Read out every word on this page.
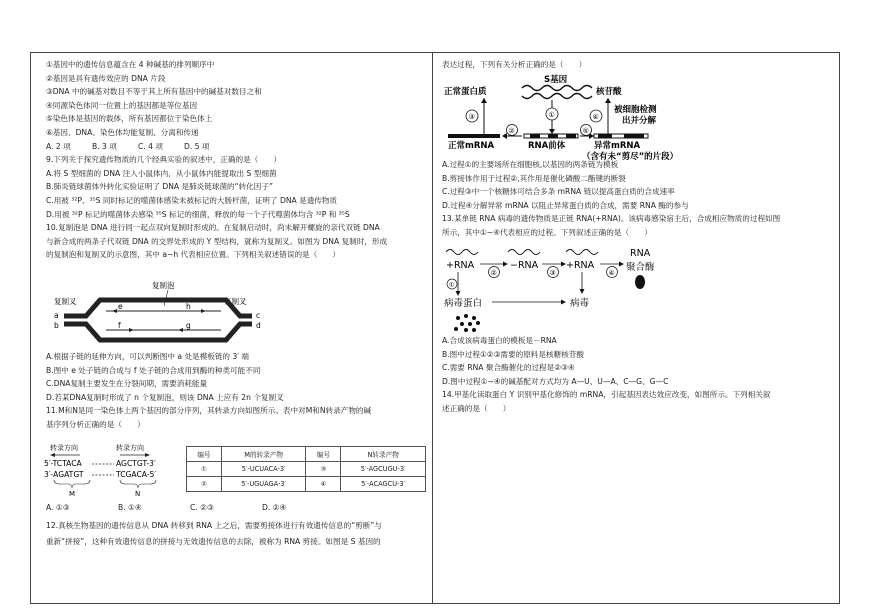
①基因中的遗传信息蕴含在 4 种碱基的排列顺序中
②基因是具有遗传效应的 DNA 片段
③DNA 中的碱基对数目不等于其上所有基因中的碱基对数目之和
④同源染色体同一位置上的基因都是等位基因
⑤染色体是基因的载体，所有基因都位于染色体上
⑥基因、DNA、染色体均能复制、分离和传递
A. 2 项	B. 3 项	C. 4 项	D. 5 项
9.下列关于探究遗传物质的几个经典实验的叙述中，正确的是（　　）
A.将 S 型细菌的 DNA 注入小鼠体内，从小鼠体内能提取出 S 型细菌
B.肺炎链球菌体外转化实验证明了 DNA 是肺炎链球菌的“转化因子”
C.用被 ³²P、³⁵S 同时标记的噬菌体感染未被标记的大肠杆菌，证明了 DNA 是遗传物质
D.用被 ³²P 标记的噬菌体去感染 ³⁵S 标记的细菌，释放的每一个子代噬菌体均含 ³²P 和 ³⁵S
10.复制泡是 DNA 进行同一起点双向复制时形成的。在复制启动时，尚未解开螺旋的亲代双链 DNA
与新合成的两条子代双链 DNA 的交界处形成的 Y 型结构，就称为复制叉。如图为 DNA 复制时，形成
的复制泡和复制叉的示意图，其中 a~h 代表相应位置。下列相关叙述错误的是（　　）
复制泡
复制叉	复制叉
a
b
c
d
e
f	g
h
A.根据子链的延伸方向，可以判断图中 a 处是模板链的 3′ 端
B.图中 e 处子链的合成与 f 处子链的合成用到酶的种类可能不同
C.DNA复制主要发生在分裂间期，需要消耗能量
D.若某DNA复制时形成了 n 个复制泡，则该 DNA 上应有 2n 个复制叉
11.M和N是同一染色体上两个基因的部分序列，其转录方向如图所示。表中对M和N转录产物的碱
基序列分析正确的是（　　）
转录方向	转录方向
5′-TCTACA
3′-AGATGT
AGCTGT-3′
TCGACA-5′
M	N
编号	M的转录产物	编号	N转录产物
①	5′-UCUACA-3′	③	5′-AGCUGU-3′
②	5′-UGUAGA-3′	④	5′-ACAGCU-3′
A. ①③	B. ①④	C. ②③	D. ②④
12.真核生物基因的遗传信息从 DNA 转移到 RNA 上之后，需要剪接体进行有效遗传信息的“剪断”与
重新“拼接”，这种有效遗传信息的拼接与无效遗传信息的去除，被称为 RNA 剪接。如图是 S 基因的
表达过程，下列有关分析正确的是（　　）
S基因
正常蛋白质	核苷酸
③	①	④
被细胞检测
出并分解
②	⑤
正常mRNA	RNA前体	异常mRNA
（含有未“剪尽”的片段）
A.过程①的主要场所在细胞核,以基因的两条链为模板
B.剪接体作用于过程②,其作用是催化磷酸二酯键的断裂
C.过程③中一个核糖体可结合多条 mRNA 链以提高蛋白质的合成速率
D.过程④分解异常 mRNA 以阻止异常蛋白质的合成，需要 RNA 酶的参与
13.某单链 RNA 病毒的遗传物质是正链 RNA(+RNA)。该病毒感染宿主后，合成相应物质的过程如图
所示，其中①~④代表相应的过程。下列叙述正确的是（　　）
+RNA	−RNA	+RNA
RNA
聚合酶
②	③	④
①
病毒蛋白	病毒
A.合成该病毒蛋白的模板是－RNA
B.图中过程①②③需要的原料是核糖核苷酸
C.需要 RNA 聚合酶催化的过程是②③④
D.图中过程①~④的碱基配对方式均为 A—U、U—A、C—G、G—C
14.甲基化读取蛋白 Y 识别甲基化修饰的 mRNA，引起基因表达效应改变，如图所示。下列相关叙
述正确的是（　　）
